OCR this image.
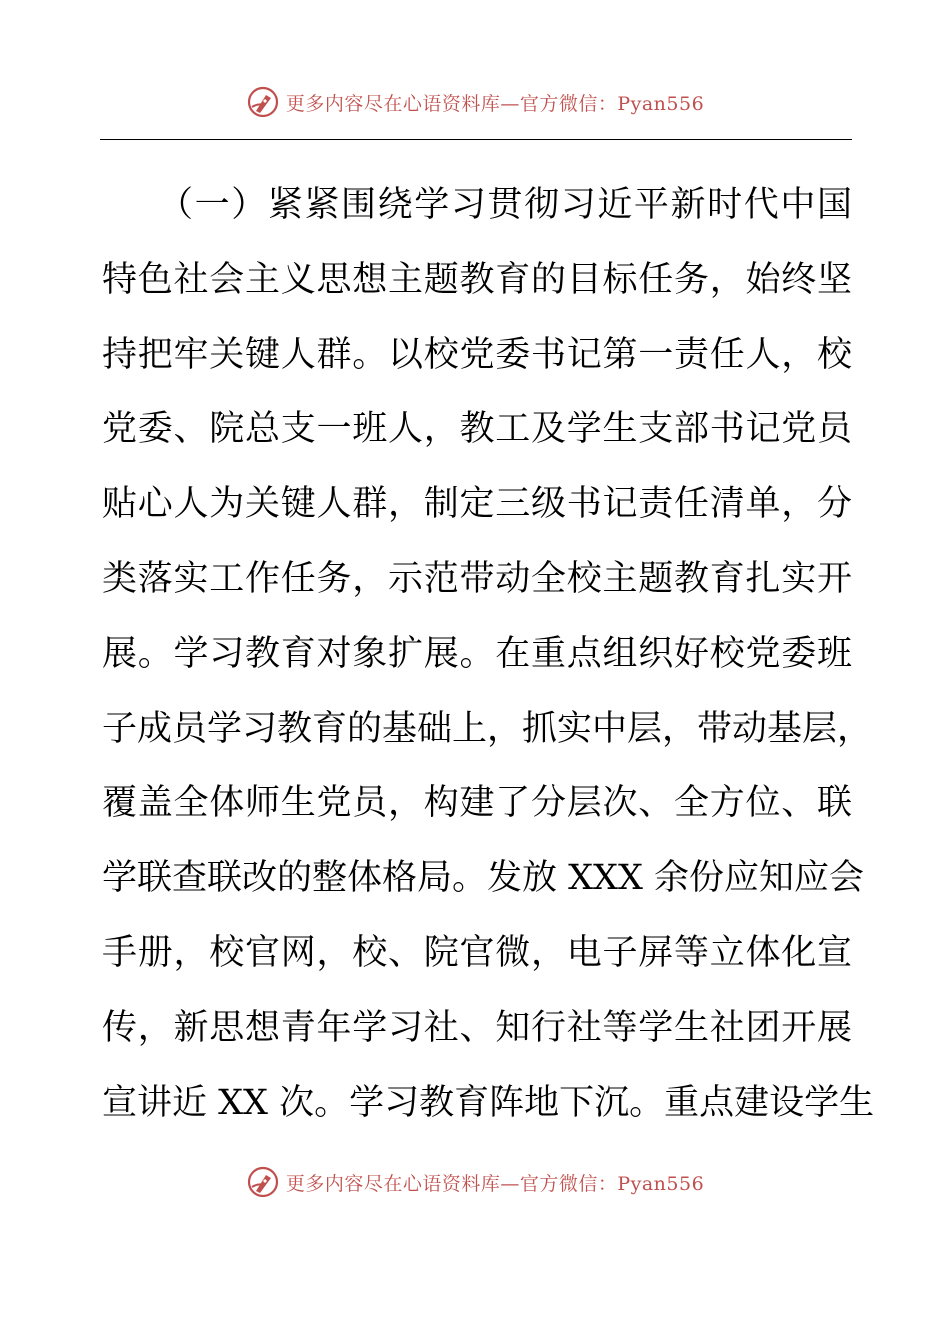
更多内容尽在心语资料库—官方微信：Pyan556
（一）紧紧围绕学习贯彻习近平新时代中国
特色社会主义思想主题教育的目标任务，始终坚
持把牢关键人群。以校党委书记第一责任人，校
党委、院总支一班人，教工及学生支部书记党员
贴心人为关键人群，制定三级书记责任清单，分
类落实工作任务，示范带动全校主题教育扎实开
展。学习教育对象扩展。在重点组织好校党委班
子成员学习教育的基础上，抓实中层，带动基层，
覆盖全体师生党员，构建了分层次、全方位、联
学联查联改的整体格局。发放 XXX 余份应知应会
手册，校官网，校、院官微，电子屏等立体化宣
传，新思想青年学习社、知行社等学生社团开展
宣讲近 XX 次。学习教育阵地下沉。重点建设学生
更多内容尽在心语资料库—官方微信：Pyan556
